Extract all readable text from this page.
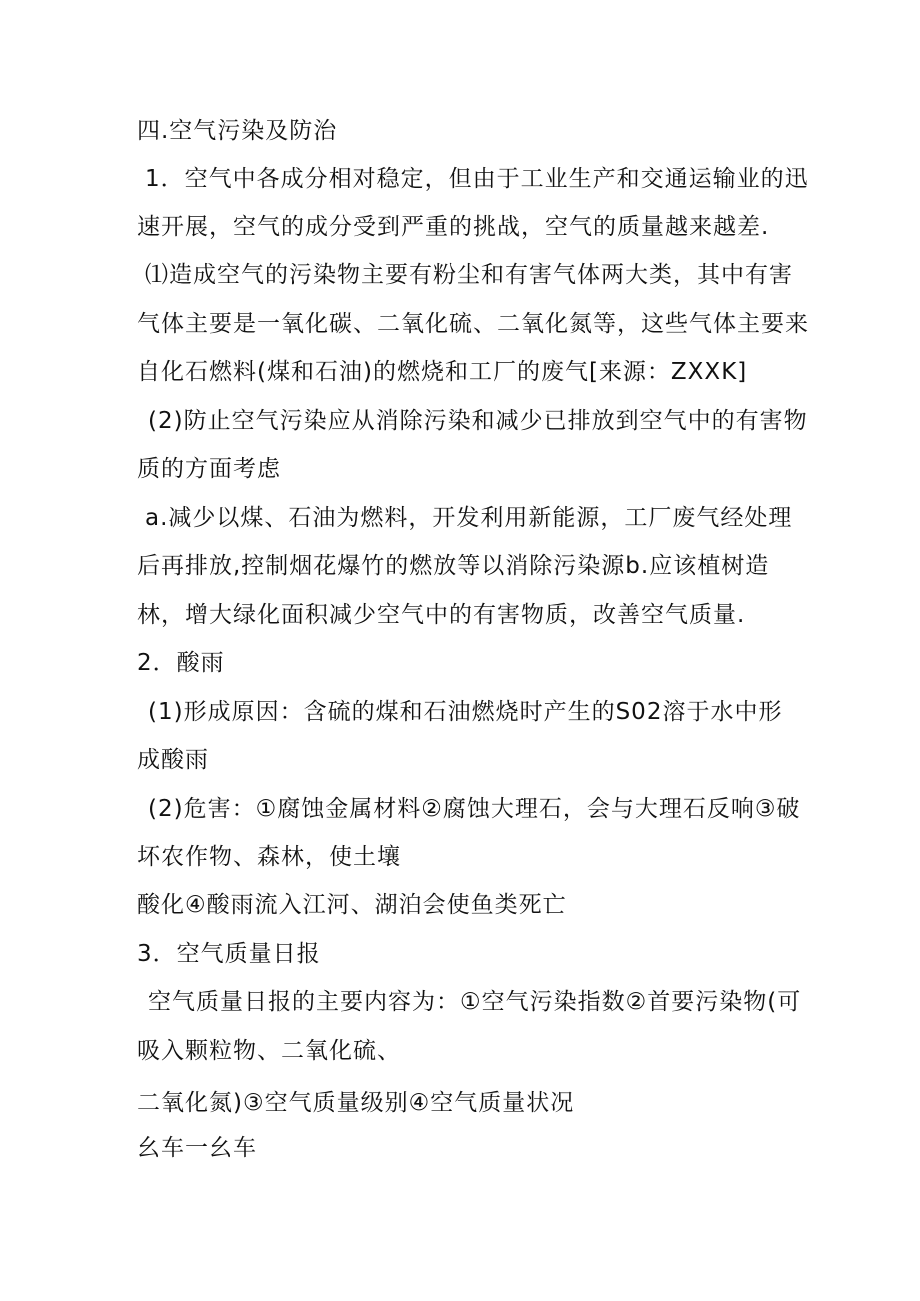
四.空气污染及防治
1．空气中各成分相对稳定，但由于工业生产和交通运输业的迅
速开展，空气的成分受到严重的挑战，空气的质量越来越差.
⑴造成空气的污染物主要有粉尘和有害气体两大类，其中有害
气体主要是一氧化碳、二氧化硫、二氧化氮等，这些气体主要来
自化石燃料(煤和石油)的燃烧和工厂的废气[来源：ZXXK]
(2)防止空气污染应从消除污染和减少已排放到空气中的有害物
质的方面考虑
a.减少以煤、石油为燃料，开发利用新能源，工厂废气经处理
后再排放,控制烟花爆竹的燃放等以消除污染源b.应该植树造
林，增大绿化面积减少空气中的有害物质，改善空气质量.
2．酸雨
(1)形成原因：含硫的煤和石油燃烧时产生的S02溶于水中形
成酸雨
(2)危害：①腐蚀金属材料②腐蚀大理石，会与大理石反响③破
坏农作物、森林，使土壤
酸化④酸雨流入江河、湖泊会使鱼类死亡
3．空气质量日报
空气质量日报的主要内容为：①空气污染指数②首要污染物(可
吸入颗粒物、二氧化硫、
二氧化氮)③空气质量级别④空气质量状况
幺车一幺车
